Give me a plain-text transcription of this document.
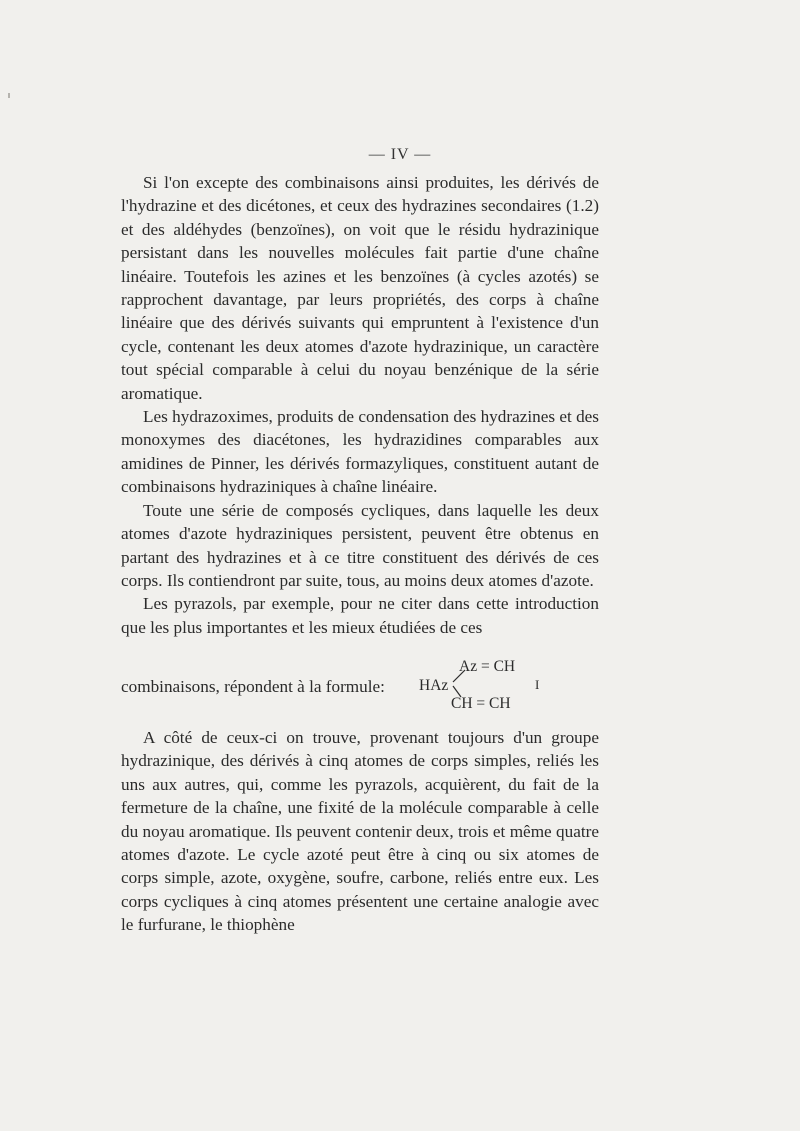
— IV —

Si l'on excepte des combinaisons ainsi produites, les dérivés de l'hydrazine et des dicétones, et ceux des hydrazines secondaires (1.2) et des aldéhydes (benzoïnes), on voit que le résidu hydrazinique persistant dans les nouvelles molécules fait partie d'une chaîne linéaire. Toutefois les azines et les benzoïnes (à cycles azotés) se rapprochent davantage, par leurs propriétés, des corps à chaîne linéaire que des dérivés suivants qui empruntent à l'existence d'un cycle, contenant les deux atomes d'azote hydrazinique, un caractère tout spécial comparable à celui du noyau benzénique de la série aromatique.

Les hydrazoximes, produits de condensation des hydrazines et des monoxymes des diacétones, les hydrazidines comparables aux amidines de Pinner, les dérivés formazyliques, constituent autant de combinaisons hydraziniques à chaîne linéaire.

Toute une série de composés cycliques, dans laquelle les deux atomes d'azote hydraziniques persistent, peuvent être obtenus en partant des hydrazines et à ce titre constituent des dérivés de ces corps. Ils contiendront par suite, tous, au moins deux atomes d'azote.

Les pyrazols, par exemple, pour ne citer dans cette introduction que les plus importantes et les mieux étudiées de ces

combinaisons, répondent à la formule: HAz
Az = CH
I
CH = CH

A côté de ceux-ci on trouve, provenant toujours d'un groupe hydrazinique, des dérivés à cinq atomes de corps simples, reliés les uns aux autres, qui, comme les pyrazols, acquièrent, du fait de la fermeture de la chaîne, une fixité de la molécule comparable à celle du noyau aromatique. Ils peuvent contenir deux, trois et même quatre atomes d'azote. Le cycle azoté peut être à cinq ou six atomes de corps simple, azote, oxygène, soufre, carbone, reliés entre eux. Les corps cycliques à cinq atomes présentent une certaine analogie avec le furfurane, le thiophène
